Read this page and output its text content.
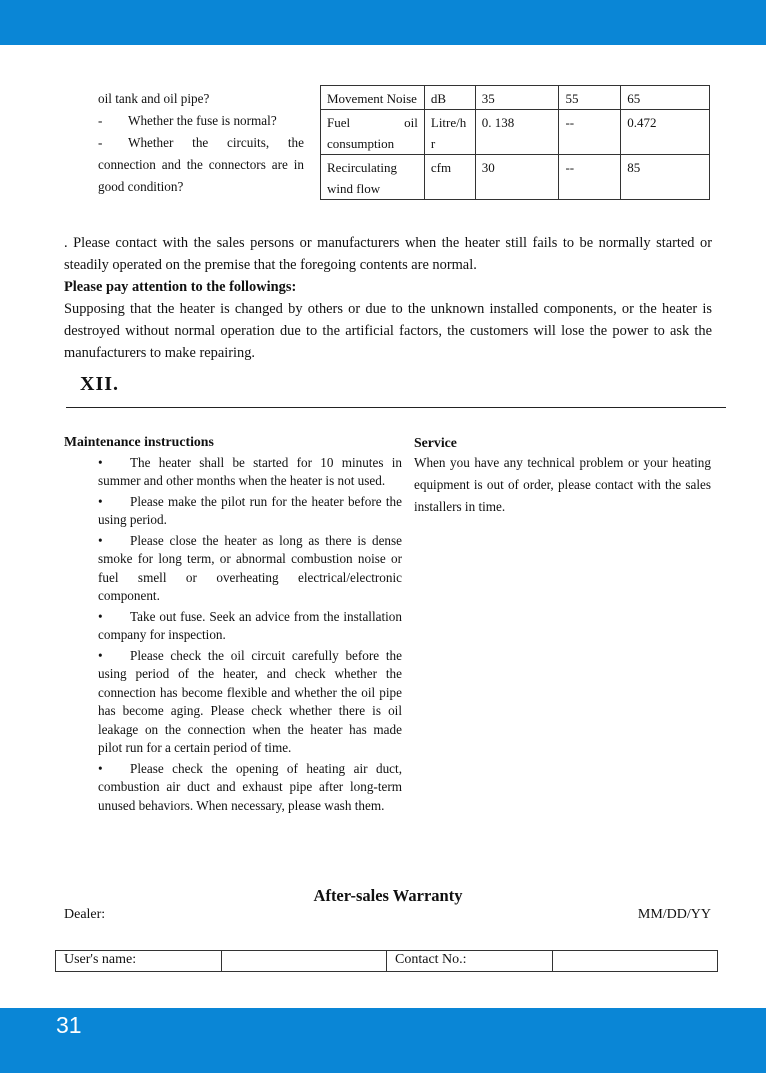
oil tank and oil pipe?
- Whether the fuse is normal?
- Whether the circuits, the connection and the connectors are in good condition?
Movement Noise	dB	35	55	65
Fuel oil consumption	Litre/hr	0. 138	--	0.472
Recirculating wind flow	cfm	30	--	85
. Please contact with the sales persons or manufacturers when the heater still fails to be normally started or steadily operated on the premise that the foregoing contents are normal.
Please pay attention to the followings:
Supposing that the heater is changed by others or due to the unknown installed components, or the heater is destroyed without normal operation due to the artificial factors, the customers will lose the power to ask the manufacturers to make repairing.
XII.
Maintenance instructions
• The heater shall be started for 10 minutes in summer and other months when the heater is not used.
• Please make the pilot run for the heater before the using period.
• Please close the heater as long as there is dense smoke for long term, or abnormal combustion noise or fuel smell or overheating electrical/electronic component.
• Take out fuse. Seek an advice from the installation company for inspection.
• Please check the oil circuit carefully before the using period of the heater, and check whether the connection has become flexible and whether the oil pipe has become aging. Please check whether there is oil leakage on the connection when the heater has made pilot run for a certain period of time.
• Please check the opening of heating air duct, combustion air duct and exhaust pipe after long-term unused behaviors. When necessary, please wash them.
Service
When you have any technical problem or your heating equipment is out of order, please contact with the sales installers in time.
After-sales Warranty
Dealer:	MM/DD/YY
User's name:		Contact No.:	
31
